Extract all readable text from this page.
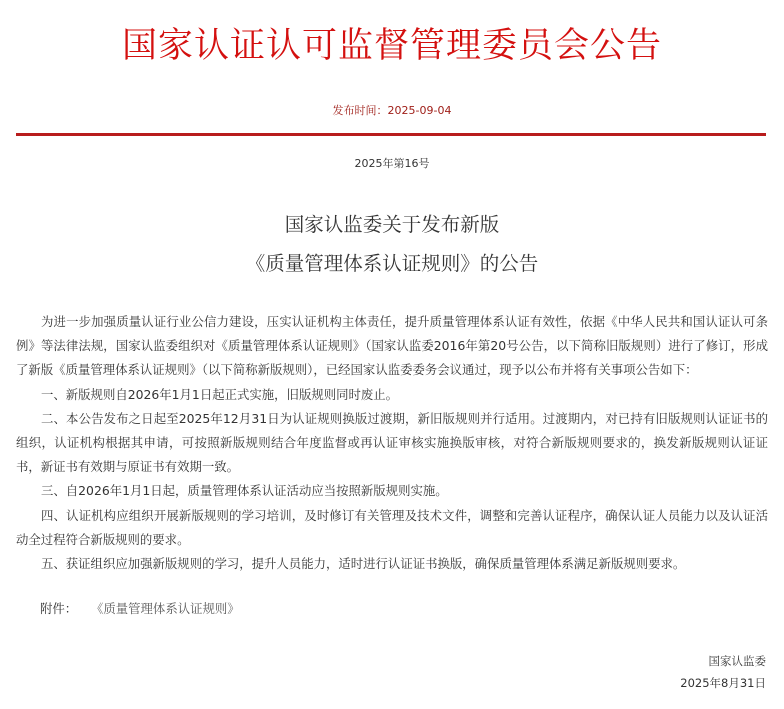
国家认证认可监督管理委员会公告
发布时间：2025-09-04
2025年第16号
国家认监委关于发布新版
《质量管理体系认证规则》的公告

为进一步加强质量认证行业公信力建设，压实认证机构主体责任，提升质量管理体系认证有效性，依据《中华人民共和国认证认可条例》等法律法规，国家认监委组织对《质量管理体系认证规则》（国家认监委2016年第20号公告，以下简称旧版规则）进行了修订，形成了新版《质量管理体系认证规则》（以下简称新版规则），已经国家认监委委务会议通过，现予以公布并将有关事项公告如下：

一、新版规则自2026年1月1日起正式实施，旧版规则同时废止。

二、本公告发布之日起至2025年12月31日为认证规则换版过渡期，新旧版规则并行适用。过渡期内，对已持有旧版规则认证证书的组织，认证机构根据其申请，可按照新版规则结合年度监督或再认证审核实施换版审核，对符合新版规则要求的，换发新版规则认证证书，新证书有效期与原证书有效期一致。

三、自2026年1月1日起，质量管理体系认证活动应当按照新版规则实施。

四、认证机构应组织开展新版规则的学习培训，及时修订有关管理及技术文件，调整和完善认证程序，确保认证人员能力以及认证活动全过程符合新版规则的要求。

五、获证组织应加强新版规则的学习，提升人员能力，适时进行认证证书换版，确保质量管理体系满足新版规则要求。

附件： 《质量管理体系认证规则》
国家认监委
2025年8月31日
